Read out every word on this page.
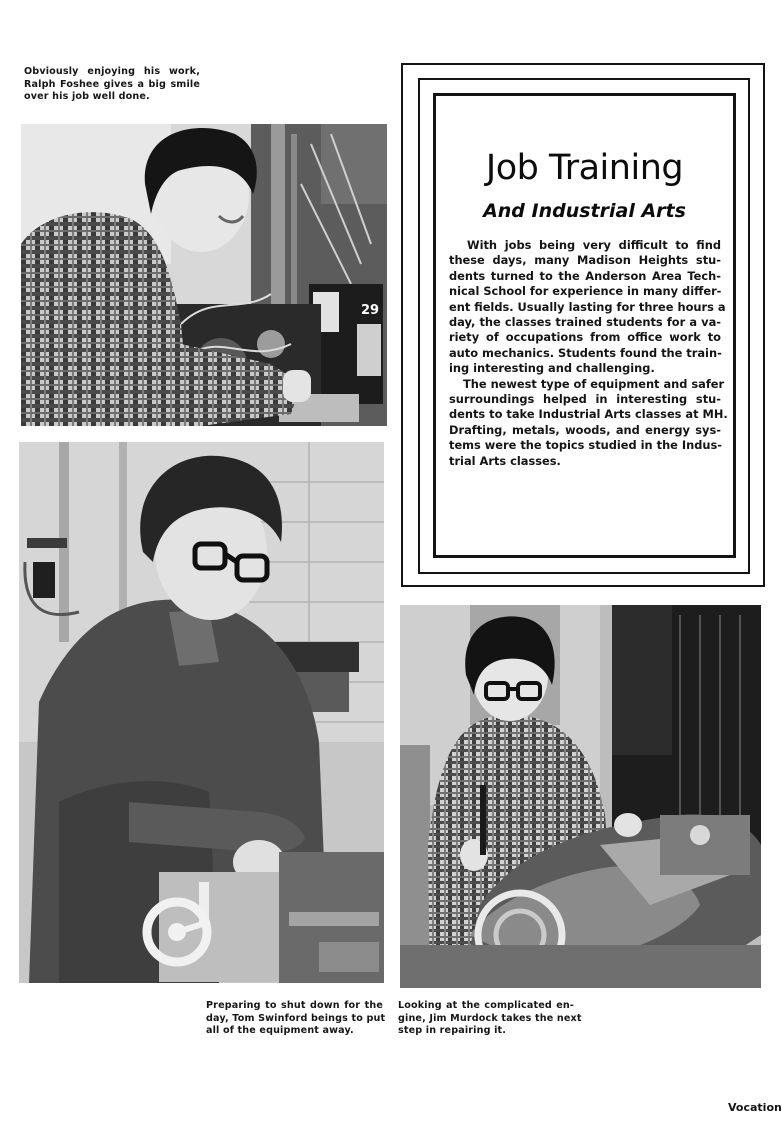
Obviously enjoying his work,
Ralph Foshee gives a big smile
over his job well done.
29
Job Training
And Industrial Arts
With jobs being very difficult to find
these days, many Madison Heights stu-
dents turned to the Anderson Area Tech-
nical School for experience in many differ-
ent fields. Usually lasting for three hours a
day, the classes trained students for a va-
riety of occupations from office work to
auto mechanics. Students found the train-
ing interesting and challenging.
The newest type of equipment and safer
surroundings helped in interesting stu-
dents to take Industrial Arts classes at MH.
Drafting, metals, woods, and energy sys-
tems were the topics studied in the Indus-
trial Arts classes.
Preparing to shut down for the
day, Tom Swinford beings to put
all of the equipment away.
Looking at the complicated en-
gine, Jim Murdock takes the next
step in repairing it.
Vocation
